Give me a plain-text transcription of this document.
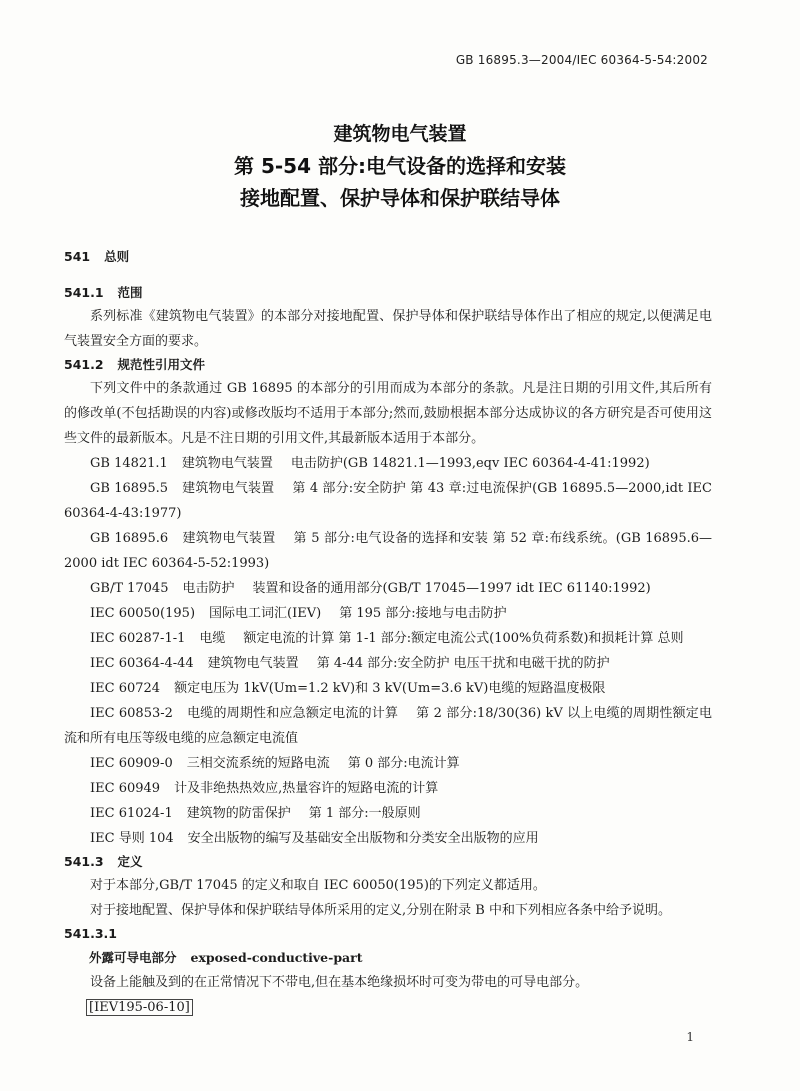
GB 16895.3—2004/IEC 60364-5-54:2002
建筑物电气装置
第 5-54 部分:电气设备的选择和安装
接地配置、保护导体和保护联结导体
541 总则
541.1 范围

系列标准《建筑物电气装置》的本部分对接地配置、保护导体和保护联结导体作出了相应的规定,以便满足电气装置安全方面的要求。

541.2 规范性引用文件

下列文件中的条款通过 GB 16895 的本部分的引用而成为本部分的条款。凡是注日期的引用文件,其后所有的修改单(不包括勘误的内容)或修改版均不适用于本部分;然而,鼓励根据本部分达成协议的各方研究是否可使用这些文件的最新版本。凡是不注日期的引用文件,其最新版本适用于本部分。

GB 14821.1 建筑物电气装置 电击防护(GB 14821.1—1993,eqv IEC 60364-4-41:1992)

GB 16895.5 建筑物电气装置 第 4 部分:安全防护 第 43 章:过电流保护(GB 16895.5—2000,idt IEC 60364-4-43:1977)

GB 16895.6 建筑物电气装置 第 5 部分:电气设备的选择和安装 第 52 章:布线系统。(GB 16895.6—2000 idt IEC 60364-5-52:1993)

GB/T 17045 电击防护 装置和设备的通用部分(GB/T 17045—1997 idt IEC 61140:1992)

IEC 60050(195) 国际电工词汇(IEV) 第 195 部分:接地与电击防护

IEC 60287-1-1 电缆 额定电流的计算 第 1-1 部分:额定电流公式(100%负荷系数)和损耗计算 总则

IEC 60364-4-44 建筑物电气装置 第 4-44 部分:安全防护 电压干扰和电磁干扰的防护

IEC 60724 额定电压为 1kV(Um=1.2 kV)和 3 kV(Um=3.6 kV)电缆的短路温度极限

IEC 60853-2 电缆的周期性和应急额定电流的计算 第 2 部分:18/30(36) kV 以上电缆的周期性额定电流和所有电压等级电缆的应急额定电流值

IEC 60909-0 三相交流系统的短路电流 第 0 部分:电流计算

IEC 60949 计及非绝热热效应,热量容许的短路电流的计算

IEC 61024-1 建筑物的防雷保护 第 1 部分:一般原则

IEC 导则 104 安全出版物的编写及基础安全出版物和分类安全出版物的应用

541.3 定义

对于本部分,GB/T 17045 的定义和取自 IEC 60050(195)的下列定义都适用。

对于接地配置、保护导体和保护联结导体所采用的定义,分别在附录 B 中和下列相应各条中给予说明。

541.3.1

外露可导电部分 exposed-conductive-part

设备上能触及到的在正常情况下不带电,但在基本绝缘损坏时可变为带电的可导电部分。

[IEV195-06-10]

1
